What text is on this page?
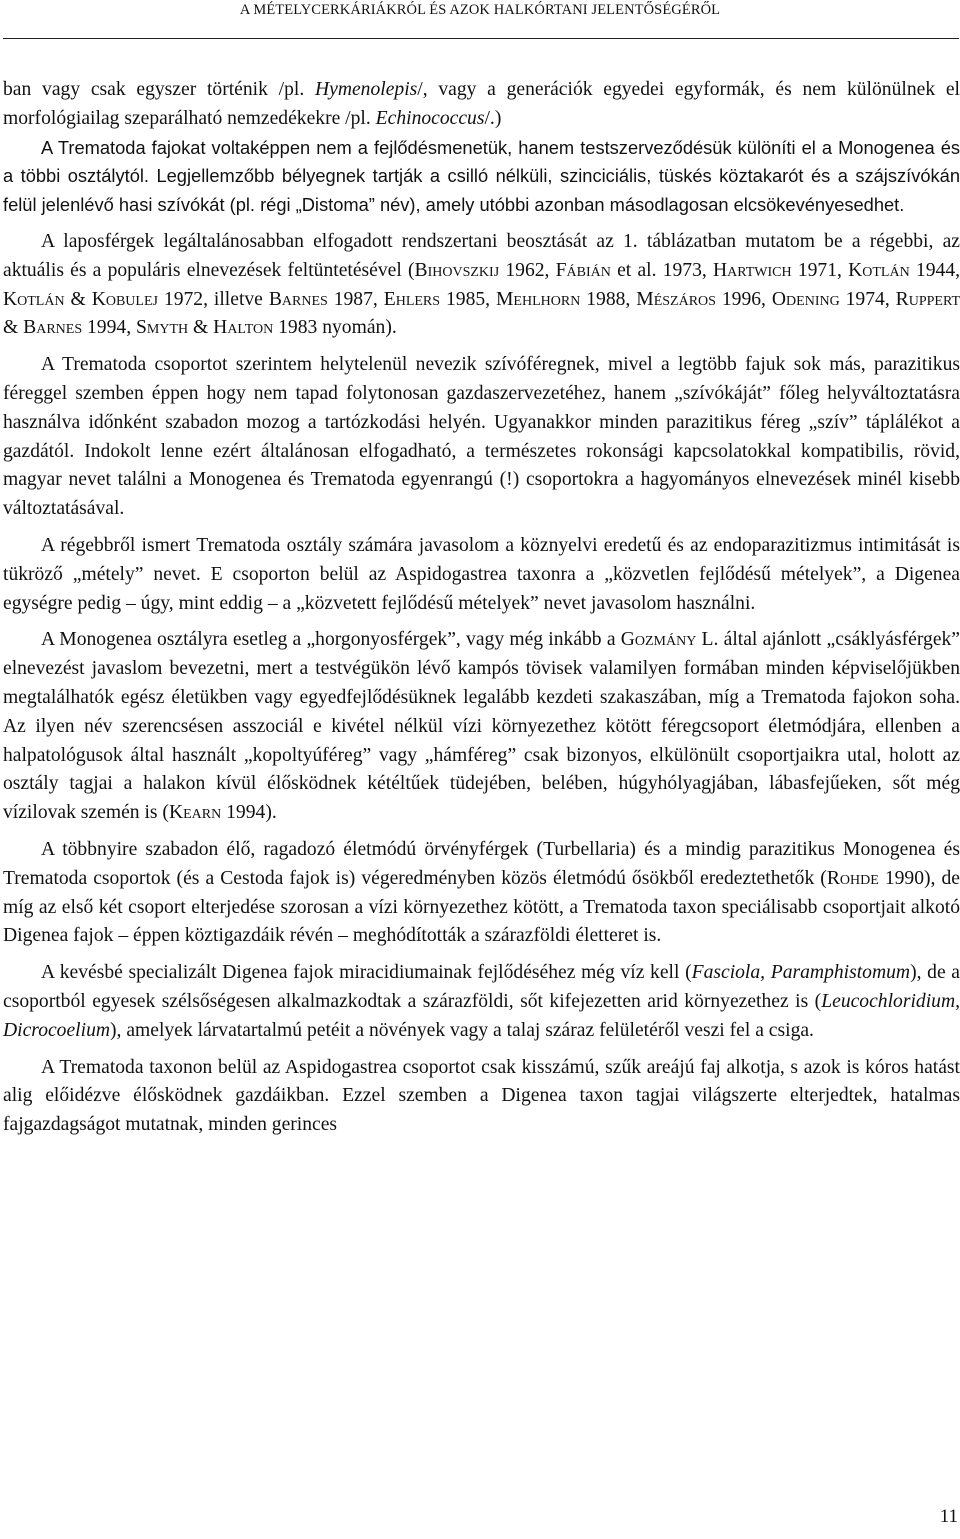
A MÉTELYCERKÁRIÁKRÓL ÉS AZOK HALKÓRTANI JELENTŐSÉGÉRŐL

ban vagy csak egyszer történik /pl. Hymenolepis/, vagy a generációk egyedei egyformák, és nem különülnek el morfológiailag szeparálható nemzedékekre /pl. Echinococcus/.)

A Trematoda fajokat voltaképpen nem a fejlődésmenetük, hanem testszerveződésük különíti el a Monogenea és a többi osztálytól. Legjellemzőbb bélyegnek tartják a csilló nélküli, szinciciális, tüskés köztakarót és a szájszívókán felül jelenlévő hasi szívókát (pl. régi „Distoma” név), amely utóbbi azonban másodlagosan elcsökevényesedhet.

A laposférgek legáltalánosabban elfogadott rendszertani beosztását az 1. táblázatban mutatom be a régebbi, az aktuális és a populáris elnevezések feltüntetésével (Bihovszkij 1962, Fábián et al. 1973, Hartwich 1971, Kotlán 1944, Kotlán & Kobulej 1972, illetve Barnes 1987, Ehlers 1985, Mehlhorn 1988, Mészáros 1996, Odening 1974, Ruppert & Barnes 1994, Smyth & Halton 1983 nyomán).

A Trematoda csoportot szerintem helytelenül nevezik szívóféregnek, mivel a legtöbb fajuk sok más, parazitikus féreggel szemben éppen hogy nem tapad folytonosan gazdaszervezetéhez, hanem „szívókáját” főleg helyváltoztatásra használva időnként szabadon mozog a tartózkodási helyén. Ugyanakkor minden parazitikus féreg „szív” táplálékot a gazdától. Indokolt lenne ezért általánosan elfogadható, a természetes rokonsági kapcsolatokkal kompatibilis, rövid, magyar nevet találni a Monogenea és Trematoda egyenrangú (!) csoportokra a hagyományos elnevezések minél kisebb változtatásával.

A régebbről ismert Trematoda osztály számára javasolom a köznyelvi eredetű és az endoparazitizmus intimitását is tükröző „métely” nevet. E csoporton belül az Aspidogastrea taxonra a „közvetlen fejlődésű mételyek”, a Digenea egységre pedig – úgy, mint eddig – a „közvetett fejlődésű mételyek” nevet javasolom használni.

A Monogenea osztályra esetleg a „horgonyosférgek”, vagy még inkább a Gozmány L. által ajánlott „csáklyásférgek” elnevezést javaslom bevezetni, mert a testvégükön lévő kampós tövisek valamilyen formában minden képviselőjükben megtalálhatók egész életükben vagy egyedfejlődésüknek legalább kezdeti szakaszában, míg a Trematoda fajokon soha. Az ilyen név szerencsésen asszociál e kivétel nélkül vízi környezethez kötött féregcsoport életmódjára, ellenben a halpatológusok által használt „kopoltyúféreg” vagy „hámféreg” csak bizonyos, elkülönült csoportjaikra utal, holott az osztály tagjai a halakon kívül élősködnek kétéltűek tüdejében, belében, húgyhólyagjában, lábasfejűeken, sőt még vízilovak szemén is (Kearn 1994).

A többnyire szabadon élő, ragadozó életmódú örvényférgek (Turbellaria) és a mindig parazitikus Monogenea és Trematoda csoportok (és a Cestoda fajok is) végeredményben közös életmódú ősökből eredeztethetők (Rohde 1990), de míg az első két csoport elterjedése szorosan a vízi környezethez kötött, a Trematoda taxon speciálisabb csoportjait alkotó Digenea fajok – éppen köztigazdáik révén – meghódították a szárazföldi életteret is.

A kevésbé specializált Digenea fajok miracidiumainak fejlődéséhez még víz kell (Fasciola, Paramphistomum), de a csoportból egyesek szélsőségesen alkalmazkodtak a szárazföldi, sőt kifejezetten arid környezethez is (Leucochloridium, Dicrocoelium), amelyek lárvatartalmú petéit a növények vagy a talaj száraz felületéről veszi fel a csiga.

A Trematoda taxonon belül az Aspidogastrea csoportot csak kisszámú, szűk areájú faj alkotja, s azok is kóros hatást alig előidézve élősködnek gazdáikban. Ezzel szemben a Digenea taxon tagjai világszerte elterjedtek, hatalmas fajgazdagságot mutatnak, minden gerinces

11
